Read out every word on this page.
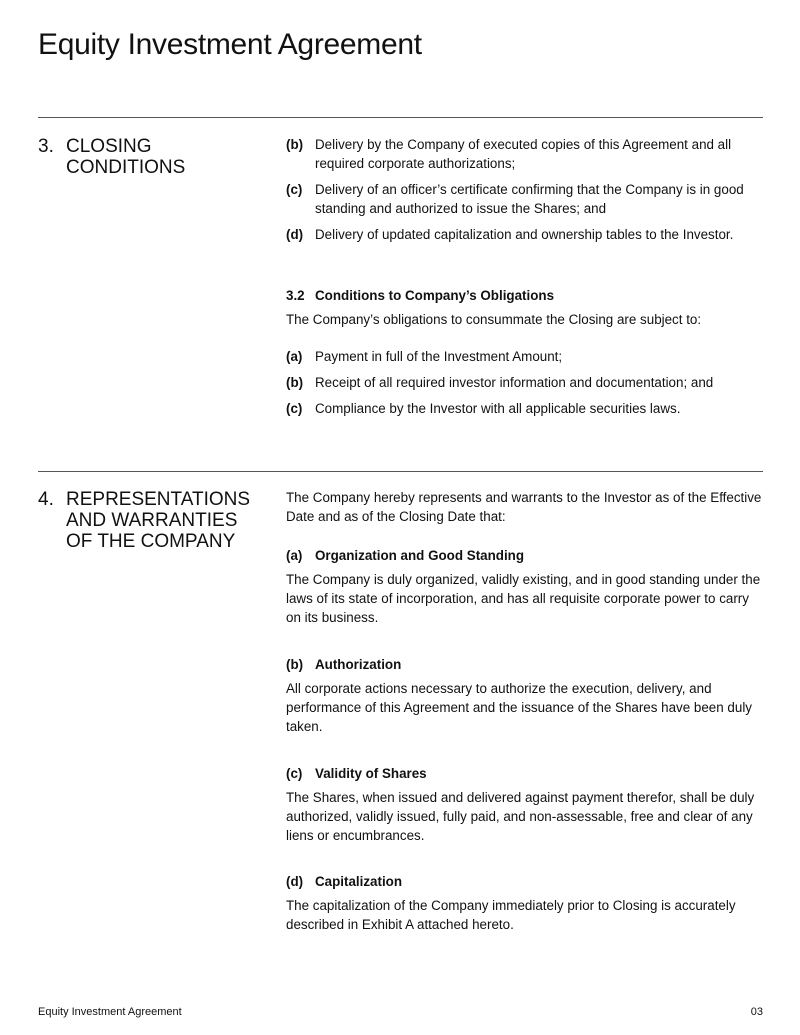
Equity Investment Agreement
3. CLOSING CONDITIONS
(b) Delivery by the Company of executed copies of this Agreement and all required corporate authorizations;
(c) Delivery of an officer’s certificate confirming that the Company is in good standing and authorized to issue the Shares; and
(d) Delivery of updated capitalization and ownership tables to the Investor.
3.2 Conditions to Company’s Obligations
The Company’s obligations to consummate the Closing are subject to:
(a) Payment in full of the Investment Amount;
(b) Receipt of all required investor information and documentation; and
(c) Compliance by the Investor with all applicable securities laws.
4. REPRESENTATIONS AND WARRANTIES OF THE COMPANY
The Company hereby represents and warrants to the Investor as of the Effective Date and as of the Closing Date that:
(a) Organization and Good Standing
The Company is duly organized, validly existing, and in good standing under the laws of its state of incorporation, and has all requisite corporate power to carry on its business.
(b) Authorization
All corporate actions necessary to authorize the execution, delivery, and performance of this Agreement and the issuance of the Shares have been duly taken.
(c) Validity of Shares
The Shares, when issued and delivered against payment therefor, shall be duly authorized, validly issued, fully paid, and non-assessable, free and clear of any liens or encumbrances.
(d) Capitalization
The capitalization of the Company immediately prior to Closing is accurately described in Exhibit A attached hereto.
Equity Investment Agreement	03
